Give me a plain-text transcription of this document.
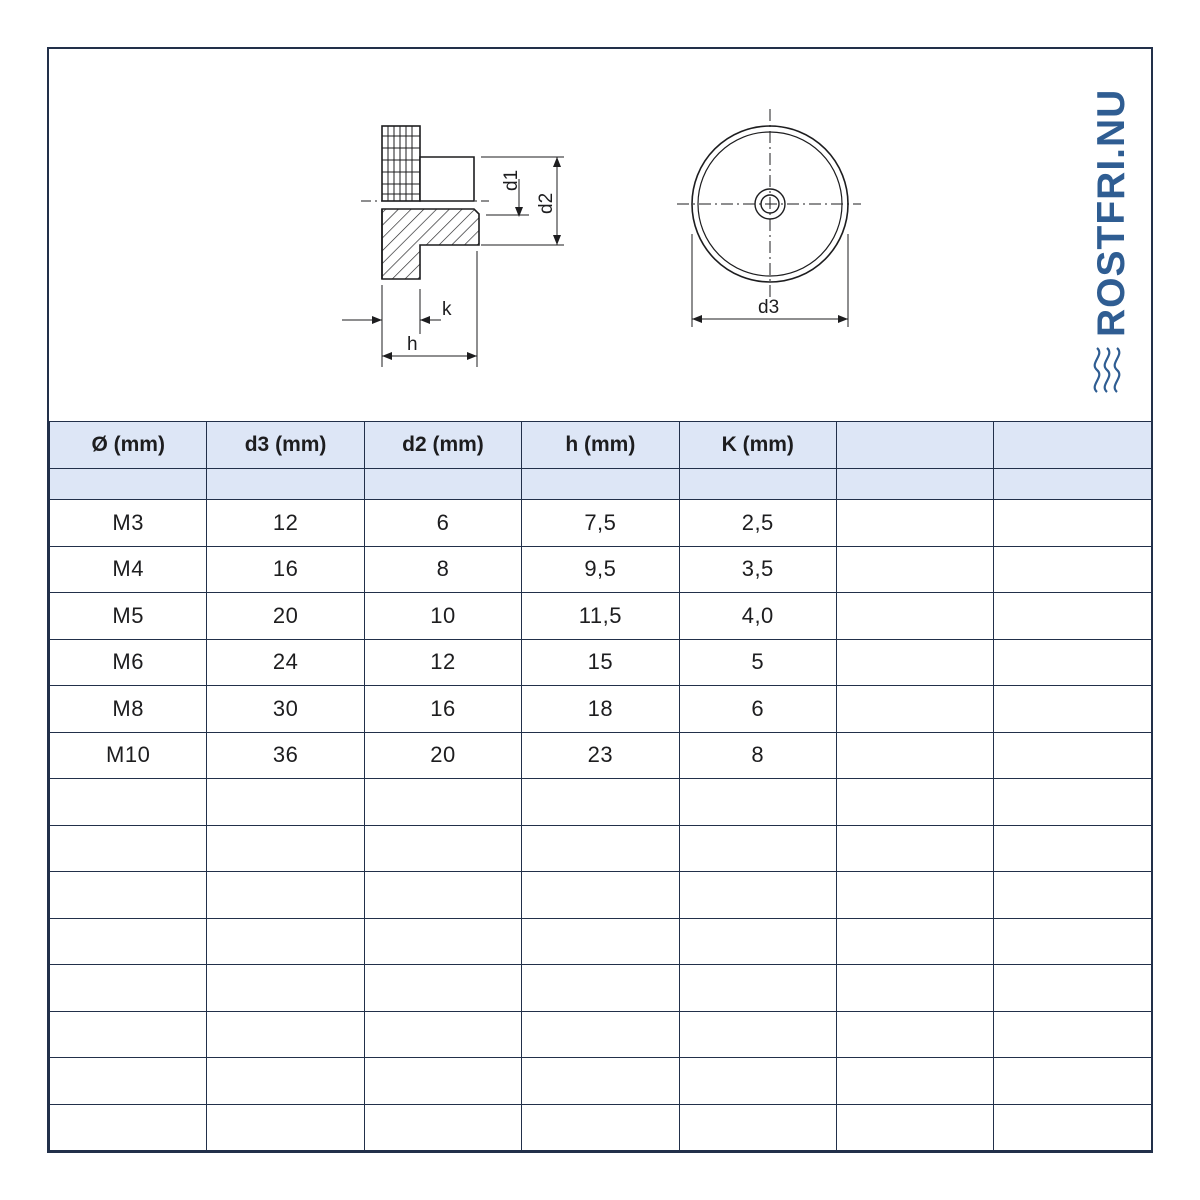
d1
d2
k
h
d3	ROSTFRI.NU
Ø (mm)	d3 (mm)	d2 (mm)	h (mm)	K (mm)		

M3	12	6	7,5	2,5		
M4	16	8	9,5	3,5		
M5	20	10	11,5	4,0		
M6	24	12	15	5		
M8	30	16	18	6		
M10	36	20	23	8		
